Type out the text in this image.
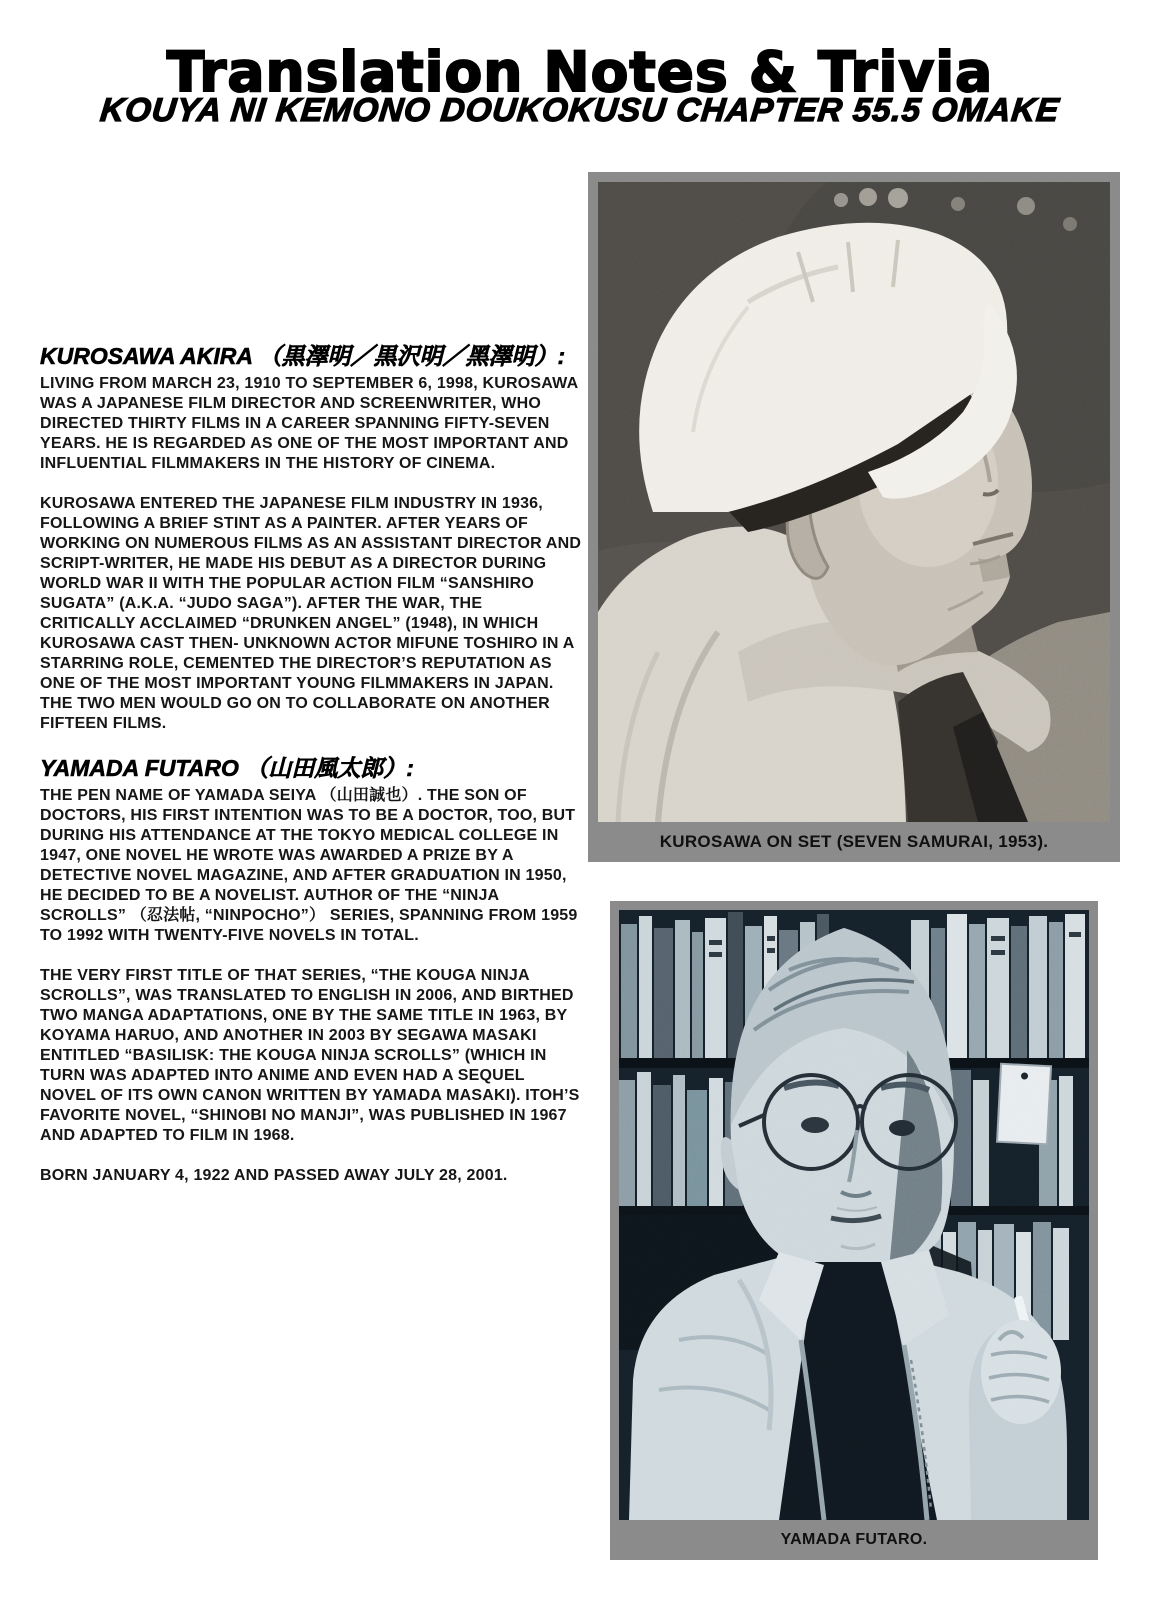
Translation Notes & Trivia
KOUYA NI KEMONO DOUKOKUSU CHAPTER 55.5 OMAKE
KUROSAWA AKIRA （黒澤明／黒沢明／黑澤明）:

LIVING FROM MARCH 23, 1910 TO SEPTEMBER 6, 1998, KUROSAWA WAS A JAPANESE FILM DIRECTOR AND SCREENWRITER, WHO DIRECTED THIRTY FILMS IN A CAREER SPANNING FIFTY-SEVEN YEARS. HE IS REGARDED AS ONE OF THE MOST IMPORTANT AND INFLUENTIAL FILMMAKERS IN THE HISTORY OF CINEMA.

KUROSAWA ENTERED THE JAPANESE FILM INDUSTRY IN 1936, FOLLOWING A BRIEF STINT AS A PAINTER. AFTER YEARS OF WORKING ON NUMEROUS FILMS AS AN ASSISTANT DIRECTOR AND SCRIPT-WRITER, HE MADE HIS DEBUT AS A DIRECTOR DURING WORLD WAR II WITH THE POPULAR ACTION FILM “SANSHIRO SUGATA” (A.K.A. “JUDO SAGA”). AFTER THE WAR, THE CRITICALLY ACCLAIMED “DRUNKEN ANGEL” (1948), IN WHICH KUROSAWA CAST THEN- UNKNOWN ACTOR MIFUNE TOSHIRO IN A STARRING ROLE, CEMENTED THE DIRECTOR’S REPUTATION AS ONE OF THE MOST IMPORTANT YOUNG FILMMAKERS IN JAPAN. THE TWO MEN WOULD GO ON TO COLLABORATE ON ANOTHER FIFTEEN FILMS.

YAMADA FUTARO （山田風太郎）:

THE PEN NAME OF YAMADA SEIYA （山田誠也）. THE SON OF DOCTORS, HIS FIRST INTENTION WAS TO BE A DOCTOR, TOO, BUT DURING HIS ATTENDANCE AT THE TOKYO MEDICAL COLLEGE IN 1947, ONE NOVEL HE WROTE WAS AWARDED A PRIZE BY A DETECTIVE NOVEL MAGAZINE, AND AFTER GRADUATION IN 1950, HE DECIDED TO BE A NOVELIST. AUTHOR OF THE “NINJA SCROLLS” （忍法帖, “NINPOCHO”） SERIES, SPANNING FROM 1959 TO 1992 WITH TWENTY-FIVE NOVELS IN TOTAL.

THE VERY FIRST TITLE OF THAT SERIES, “THE KOUGA NINJA SCROLLS”, WAS TRANSLATED TO ENGLISH IN 2006, AND BIRTHED TWO MANGA ADAPTATIONS, ONE BY THE SAME TITLE IN 1963, BY KOYAMA HARUO, AND ANOTHER IN 2003 BY SEGAWA MASAKI ENTITLED “BASILISK: THE KOUGA NINJA SCROLLS” (WHICH IN TURN WAS ADAPTED INTO ANIME AND EVEN HAD A SEQUEL NOVEL OF ITS OWN CANON WRITTEN BY YAMADA MASAKI). ITOH’S FAVORITE NOVEL, “SHINOBI NO MANJI”, WAS PUBLISHED IN 1967 AND ADAPTED TO FILM IN 1968.

BORN JANUARY 4, 1922 AND PASSED AWAY JULY 28, 2001.

KUROSAWA ON SET (SEVEN SAMURAI, 1953).
YAMADA FUTARO.
